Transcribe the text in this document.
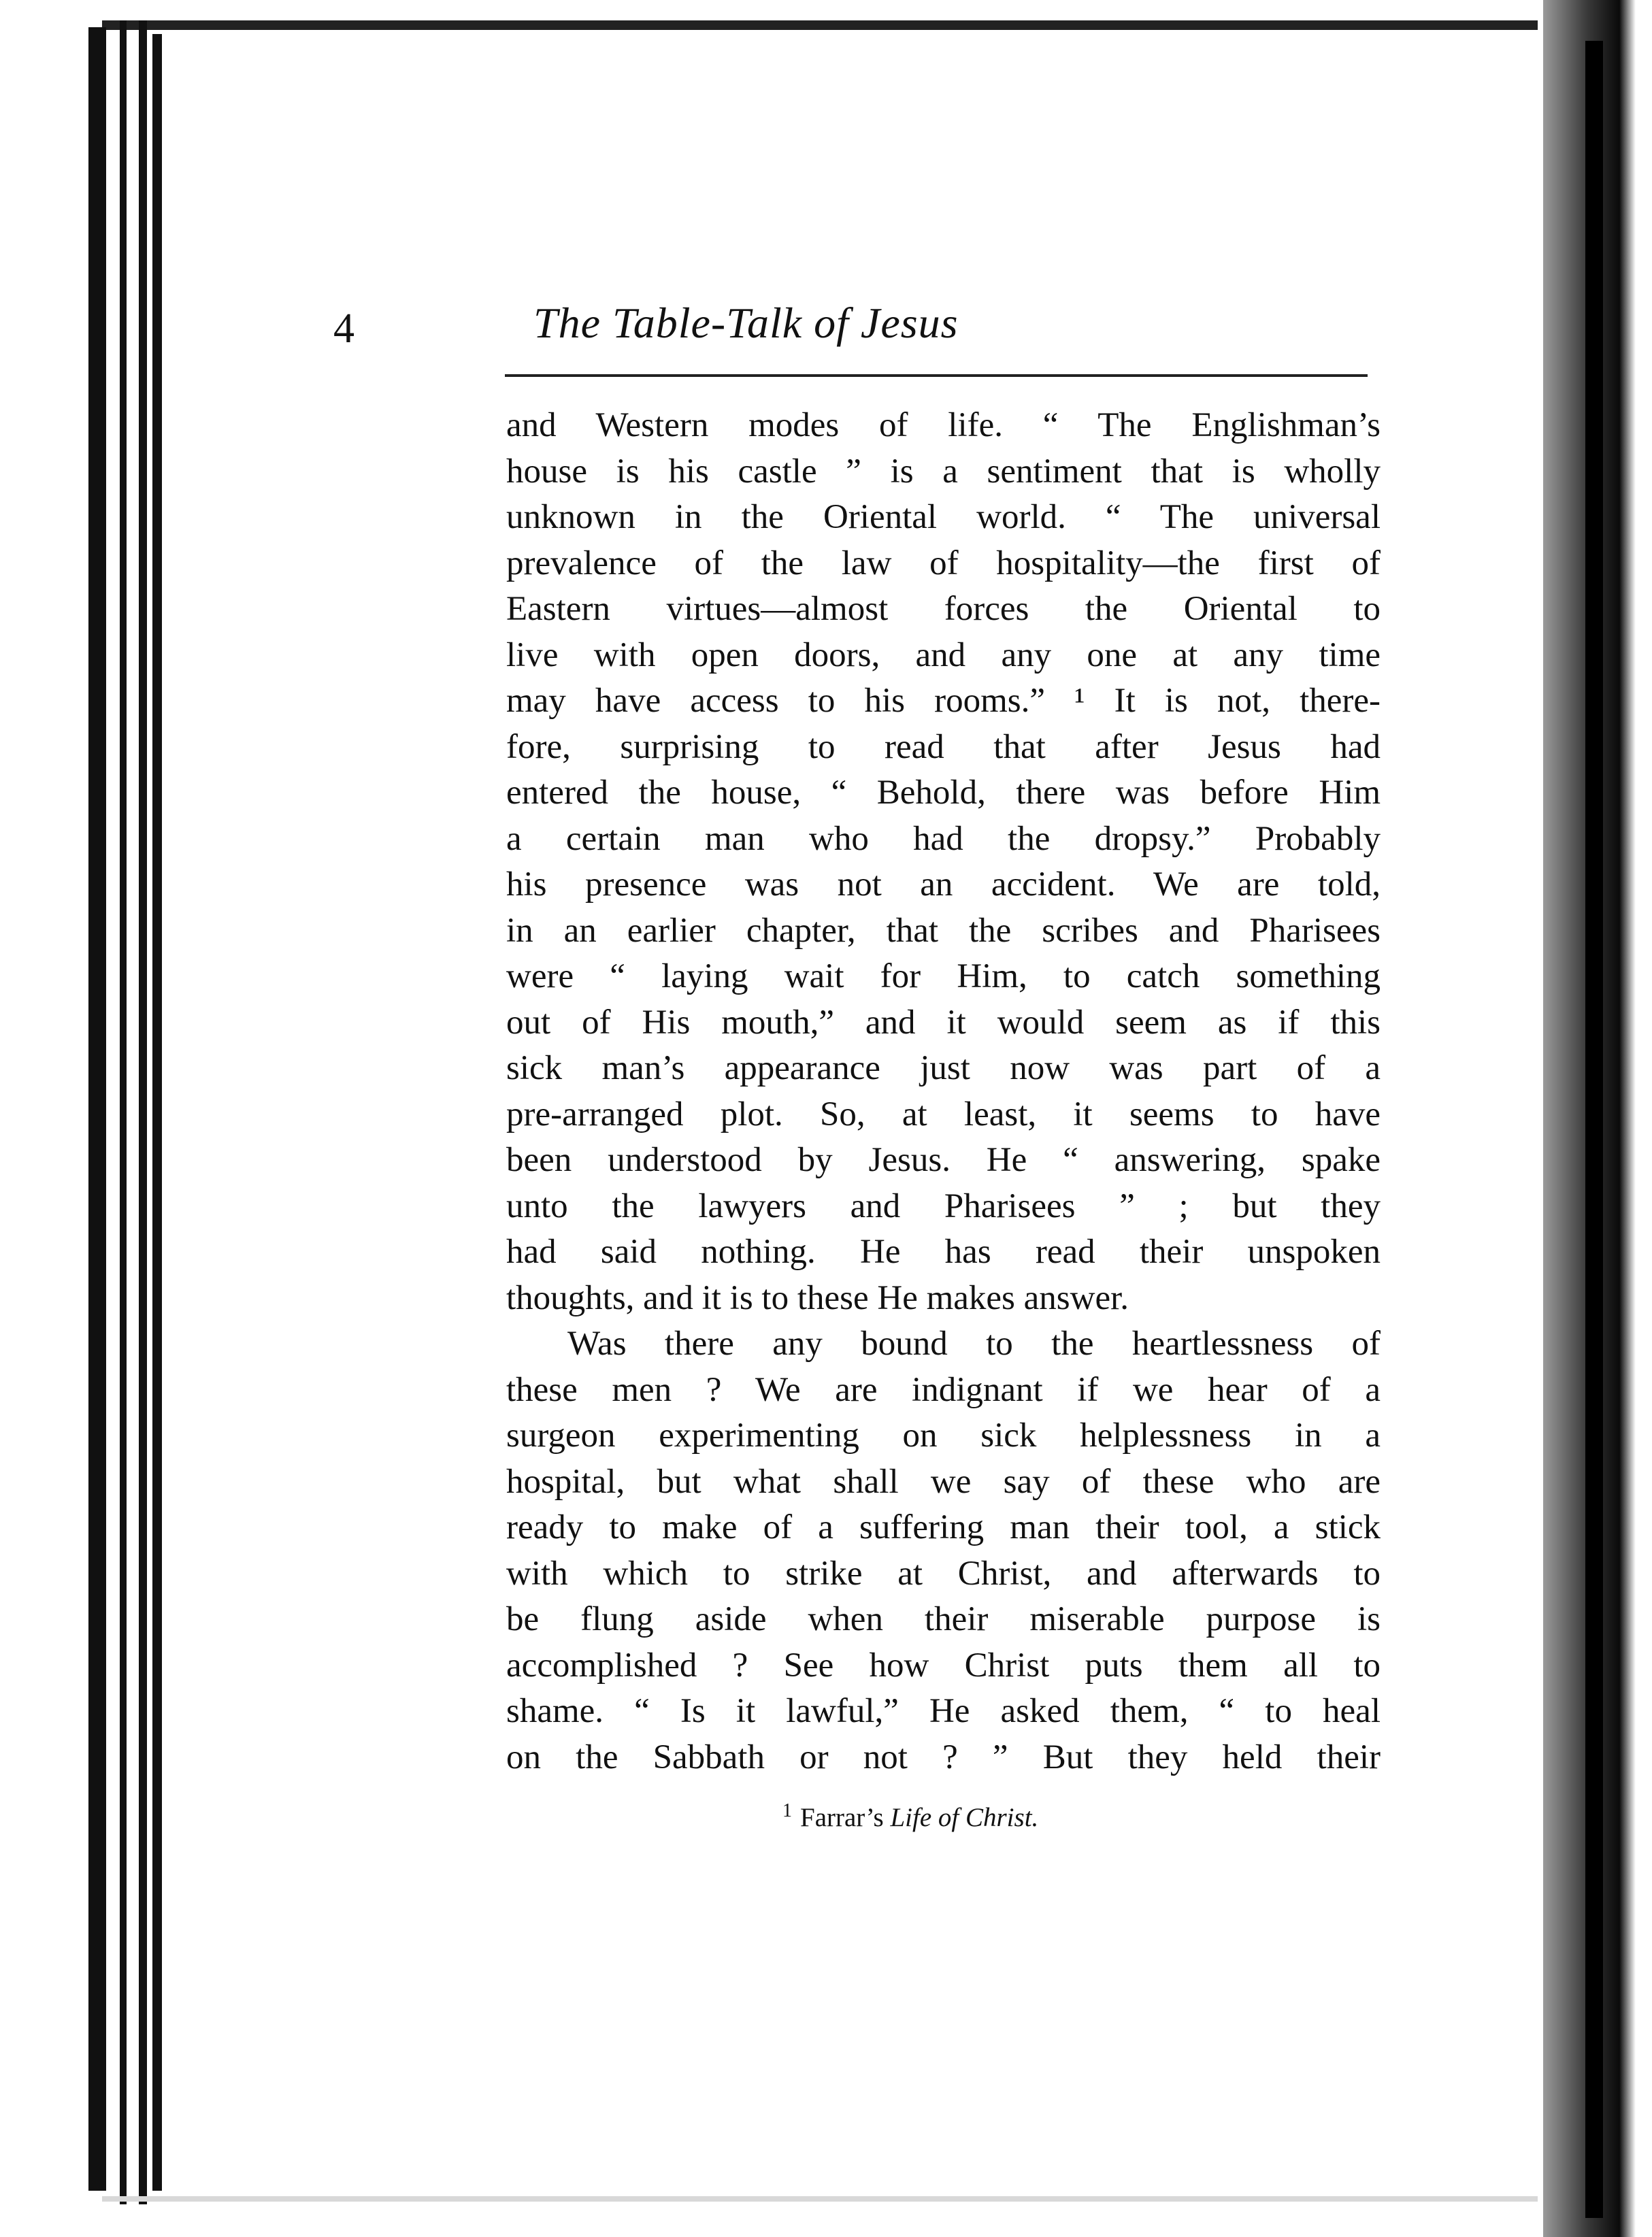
4	The Table-Talk of Jesus
and Western modes of life. “ The Englishman’s
house is his castle ” is a sentiment that is wholly
unknown in the Oriental world. “ The universal
prevalence of the law of hospitality—the first of
Eastern virtues—almost forces the Oriental to
live with open doors, and any one at any time
may have access to his rooms.” ¹ It is not, there-
fore, surprising to read that after Jesus had
entered the house, “ Behold, there was before Him
a certain man who had the dropsy.” Probably
his presence was not an accident. We are told,
in an earlier chapter, that the scribes and Pharisees
were “ laying wait for Him, to catch something
out of His mouth,” and it would seem as if this
sick man’s appearance just now was part of a
pre-arranged plot. So, at least, it seems to have
been understood by Jesus. He “ answering, spake
unto the lawyers and Pharisees ” ; but they
had said nothing. He has read their unspoken
thoughts, and it is to these He makes answer.
Was there any bound to the heartlessness of
these men ? We are indignant if we hear of a
surgeon experimenting on sick helplessness in a
hospital, but what shall we say of these who are
ready to make of a suffering man their tool, a stick
with which to strike at Christ, and afterwards to
be flung aside when their miserable purpose is
accomplished ? See how Christ puts them all to
shame. “ Is it lawful,” He asked them, “ to heal
on the Sabbath or not ? ” But they held their
$^1$ Farrar’s Life of Christ.
